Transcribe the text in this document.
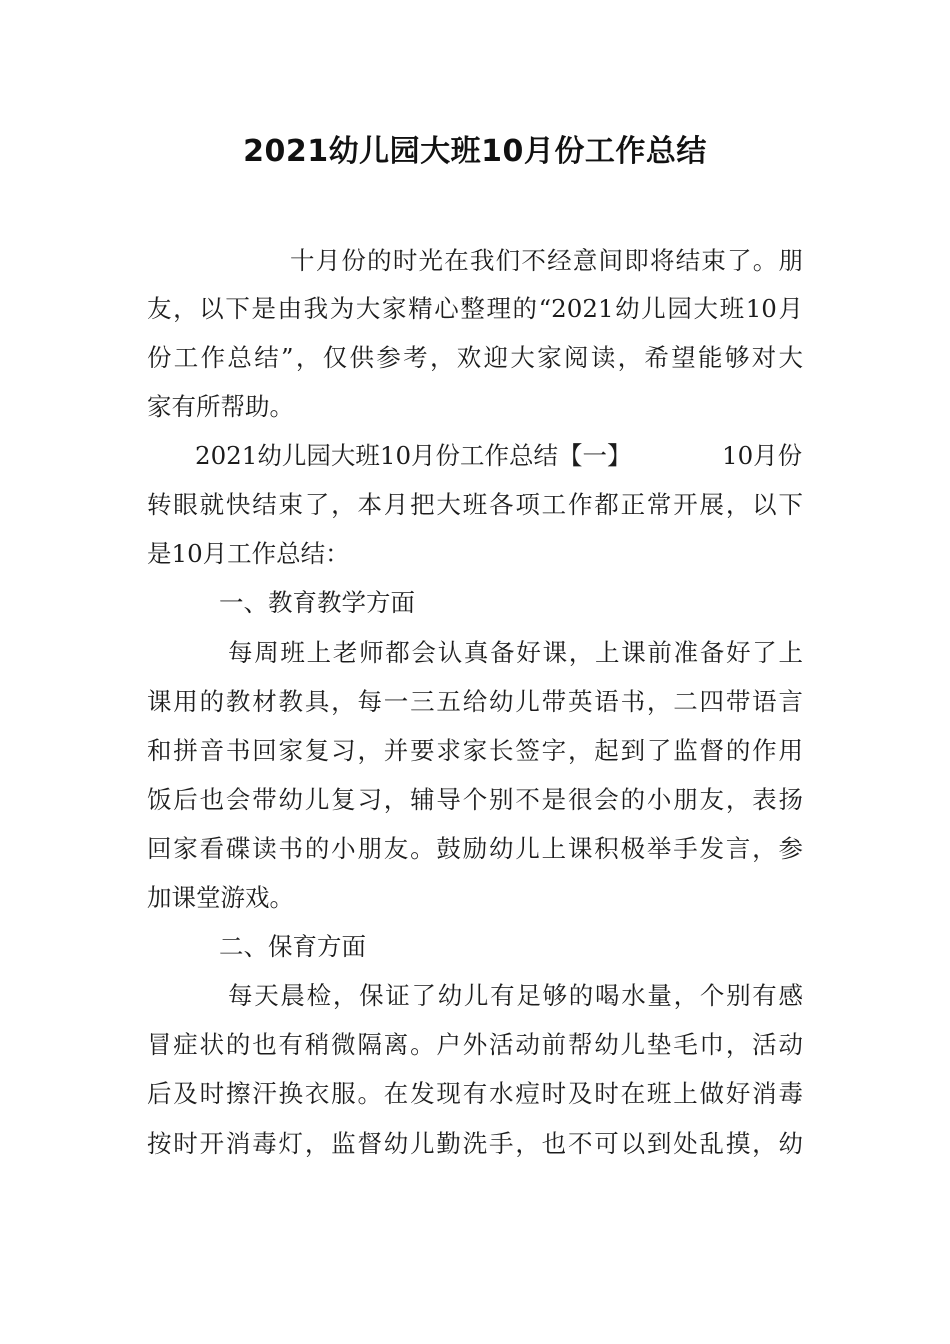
2021幼儿园大班10月份工作总结
十月份的时光在我们不经意间即将结束了。朋
友，以下是由我为大家精心整理的“2021幼儿园大班10月
份工作总结”，仅供参考，欢迎大家阅读，希望能够对大
家有所帮助。
2021幼儿园大班10月份工作总结【一】	10月份
转眼就快结束了，本月把大班各项工作都正常开展，以下
是10月工作总结：
一、教育教学方面
每周班上老师都会认真备好课，上课前准备好了上
课用的教材教具，每一三五给幼儿带英语书，二四带语言
和拼音书回家复习，并要求家长签字，起到了监督的作用
饭后也会带幼儿复习，辅导个别不是很会的小朋友，表扬
回家看碟读书的小朋友。鼓励幼儿上课积极举手发言，参
加课堂游戏。
二、保育方面
每天晨检，保证了幼儿有足够的喝水量，个别有感
冒症状的也有稍微隔离。户外活动前帮幼儿垫毛巾，活动
后及时擦汗换衣服。在发现有水痘时及时在班上做好消毒
按时开消毒灯，监督幼儿勤洗手，也不可以到处乱摸，幼
